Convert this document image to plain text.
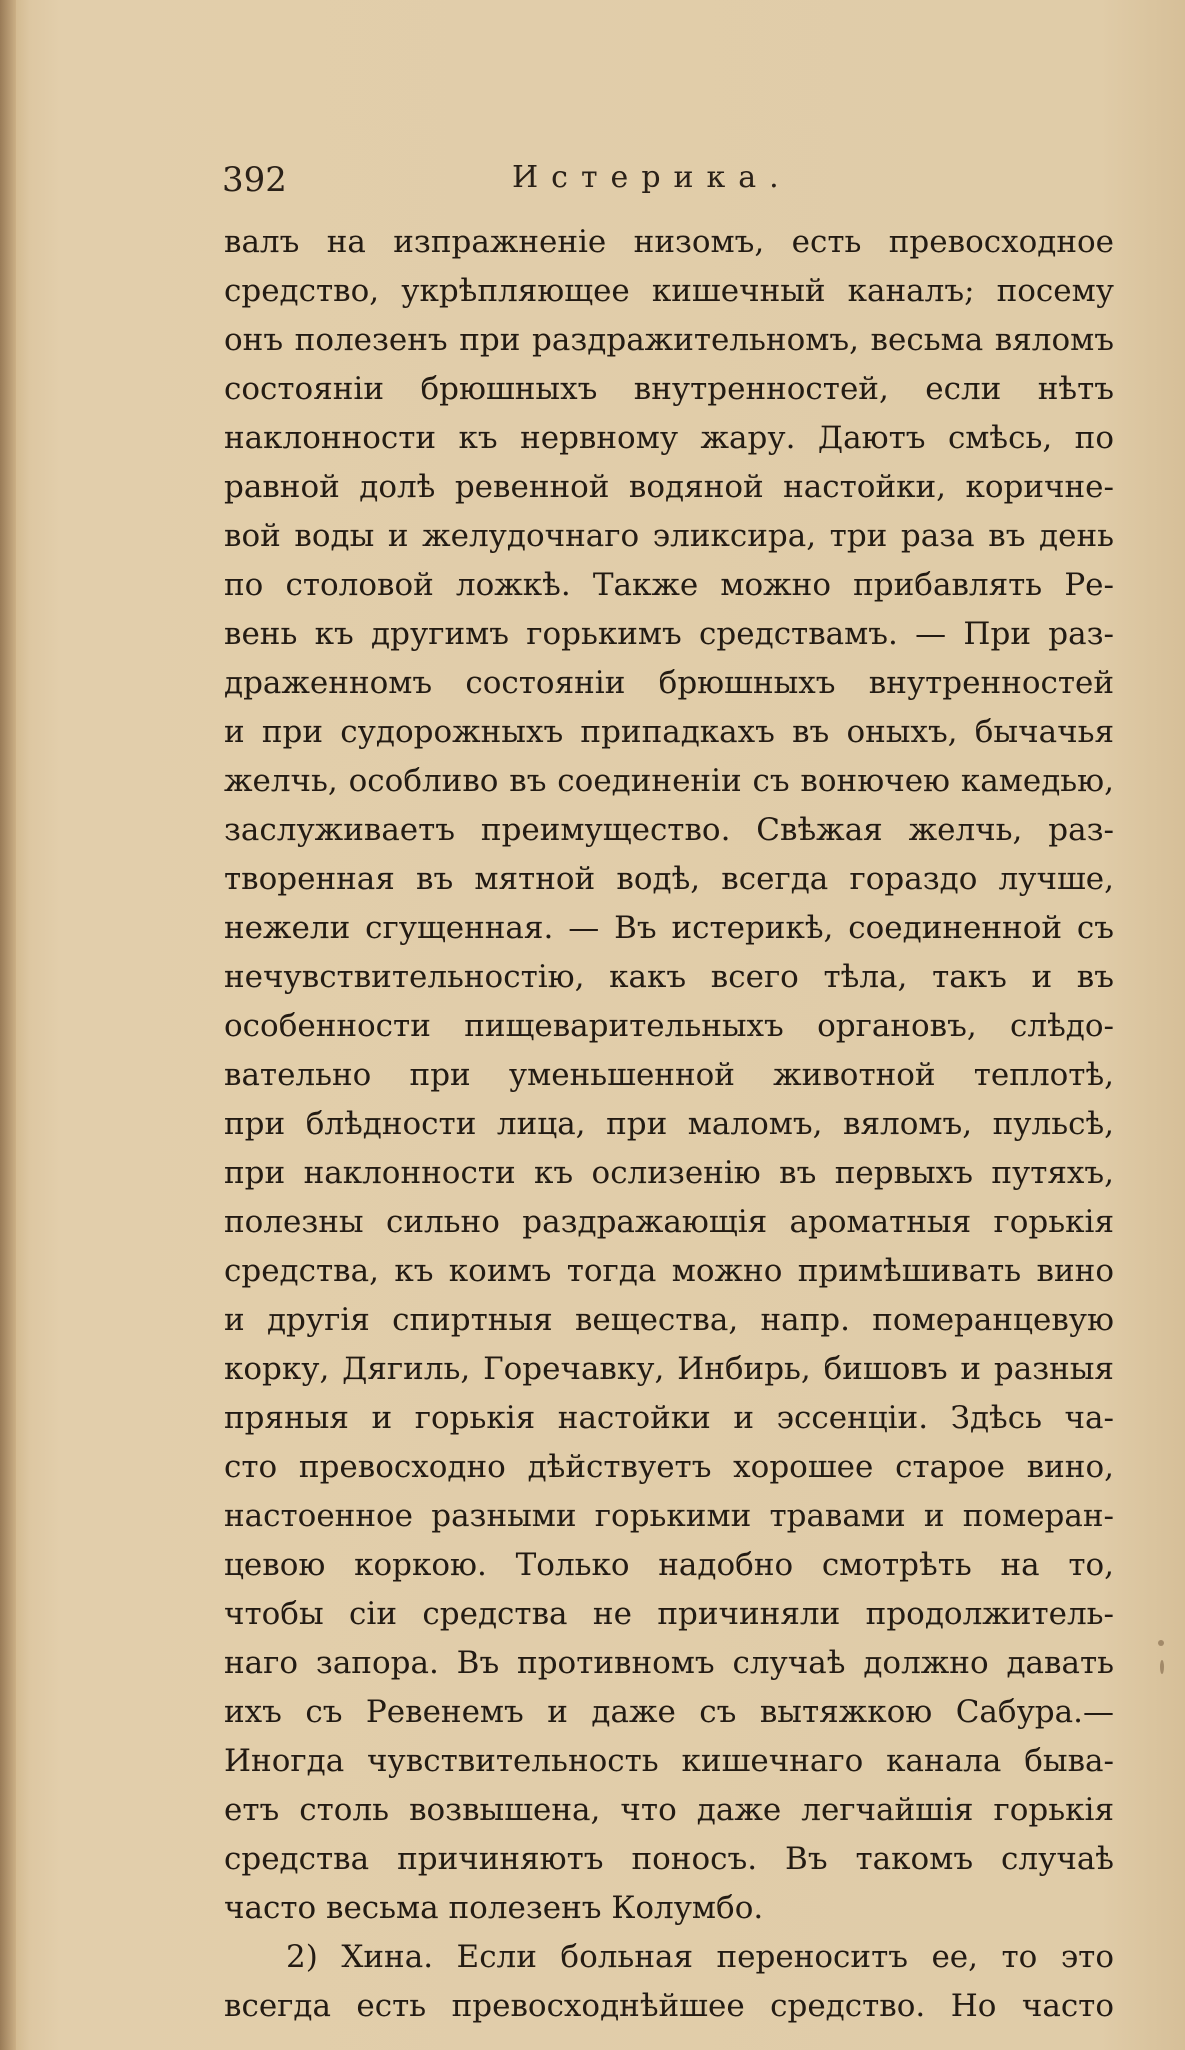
392	Истерика.
валъ на изпражненіе низомъ, есть превосходное
средство, укрѣпляющее кишечный каналъ; посему
онъ полезенъ при раздражительномъ, весьма вяломъ
состояніи брюшныхъ внутренностей, если нѣтъ
наклонности къ нервному жару. Даютъ смѣсь, по
равной долѣ ревенной водяной настойки, коричне-
вой воды и желудочнаго эликсира, три раза въ день
по столовой ложкѣ. Также можно прибавлять Ре-
вень къ другимъ горькимъ средствамъ. — При раз-
драженномъ состояніи брюшныхъ внутренностей
и при судорожныхъ припадкахъ въ оныхъ, бычачья
желчь, особливо въ соединеніи съ вонючею камедью,
заслуживаетъ преимущество. Свѣжая желчь, раз-
творенная въ мятной водѣ, всегда гораздо лучше,
нежели сгущенная. — Въ истерикѣ, соединенной съ
нечувствительностію, какъ всего тѣла, такъ и въ
особенности пищеварительныхъ органовъ, слѣдо-
вательно при уменьшенной животной теплотѣ,
при блѣдности лица, при маломъ, вяломъ, пульсѣ,
при наклонности къ ослизенію въ первыхъ путяхъ,
полезны сильно раздражающія ароматныя горькія
средства, къ коимъ тогда можно примѣшивать вино
и другія спиртныя вещества, напр. померанцевую
корку, Дягиль, Горечавку, Инбирь, бишовъ и разныя
пряныя и горькія настойки и эссенціи. Здѣсь ча-
сто превосходно дѣйствуетъ хорошее старое вино,
настоенное разными горькими травами и померан-
цевою коркою. Только надобно смотрѣть на то,
чтобы сіи средства не причиняли продолжитель-
наго запора. Въ противномъ случаѣ должно давать
ихъ съ Ревенемъ и даже съ вытяжкою Сабура.—
Иногда чувствительность кишечнаго канала быва-
етъ столь возвышена, что даже легчайшія горькія
средства причиняютъ поносъ. Въ такомъ случаѣ
часто весьма полезенъ Колумбо.
2) Хина. Если больная переноситъ ее, то это
всегда есть превосходнѣйшее средство. Но часто
